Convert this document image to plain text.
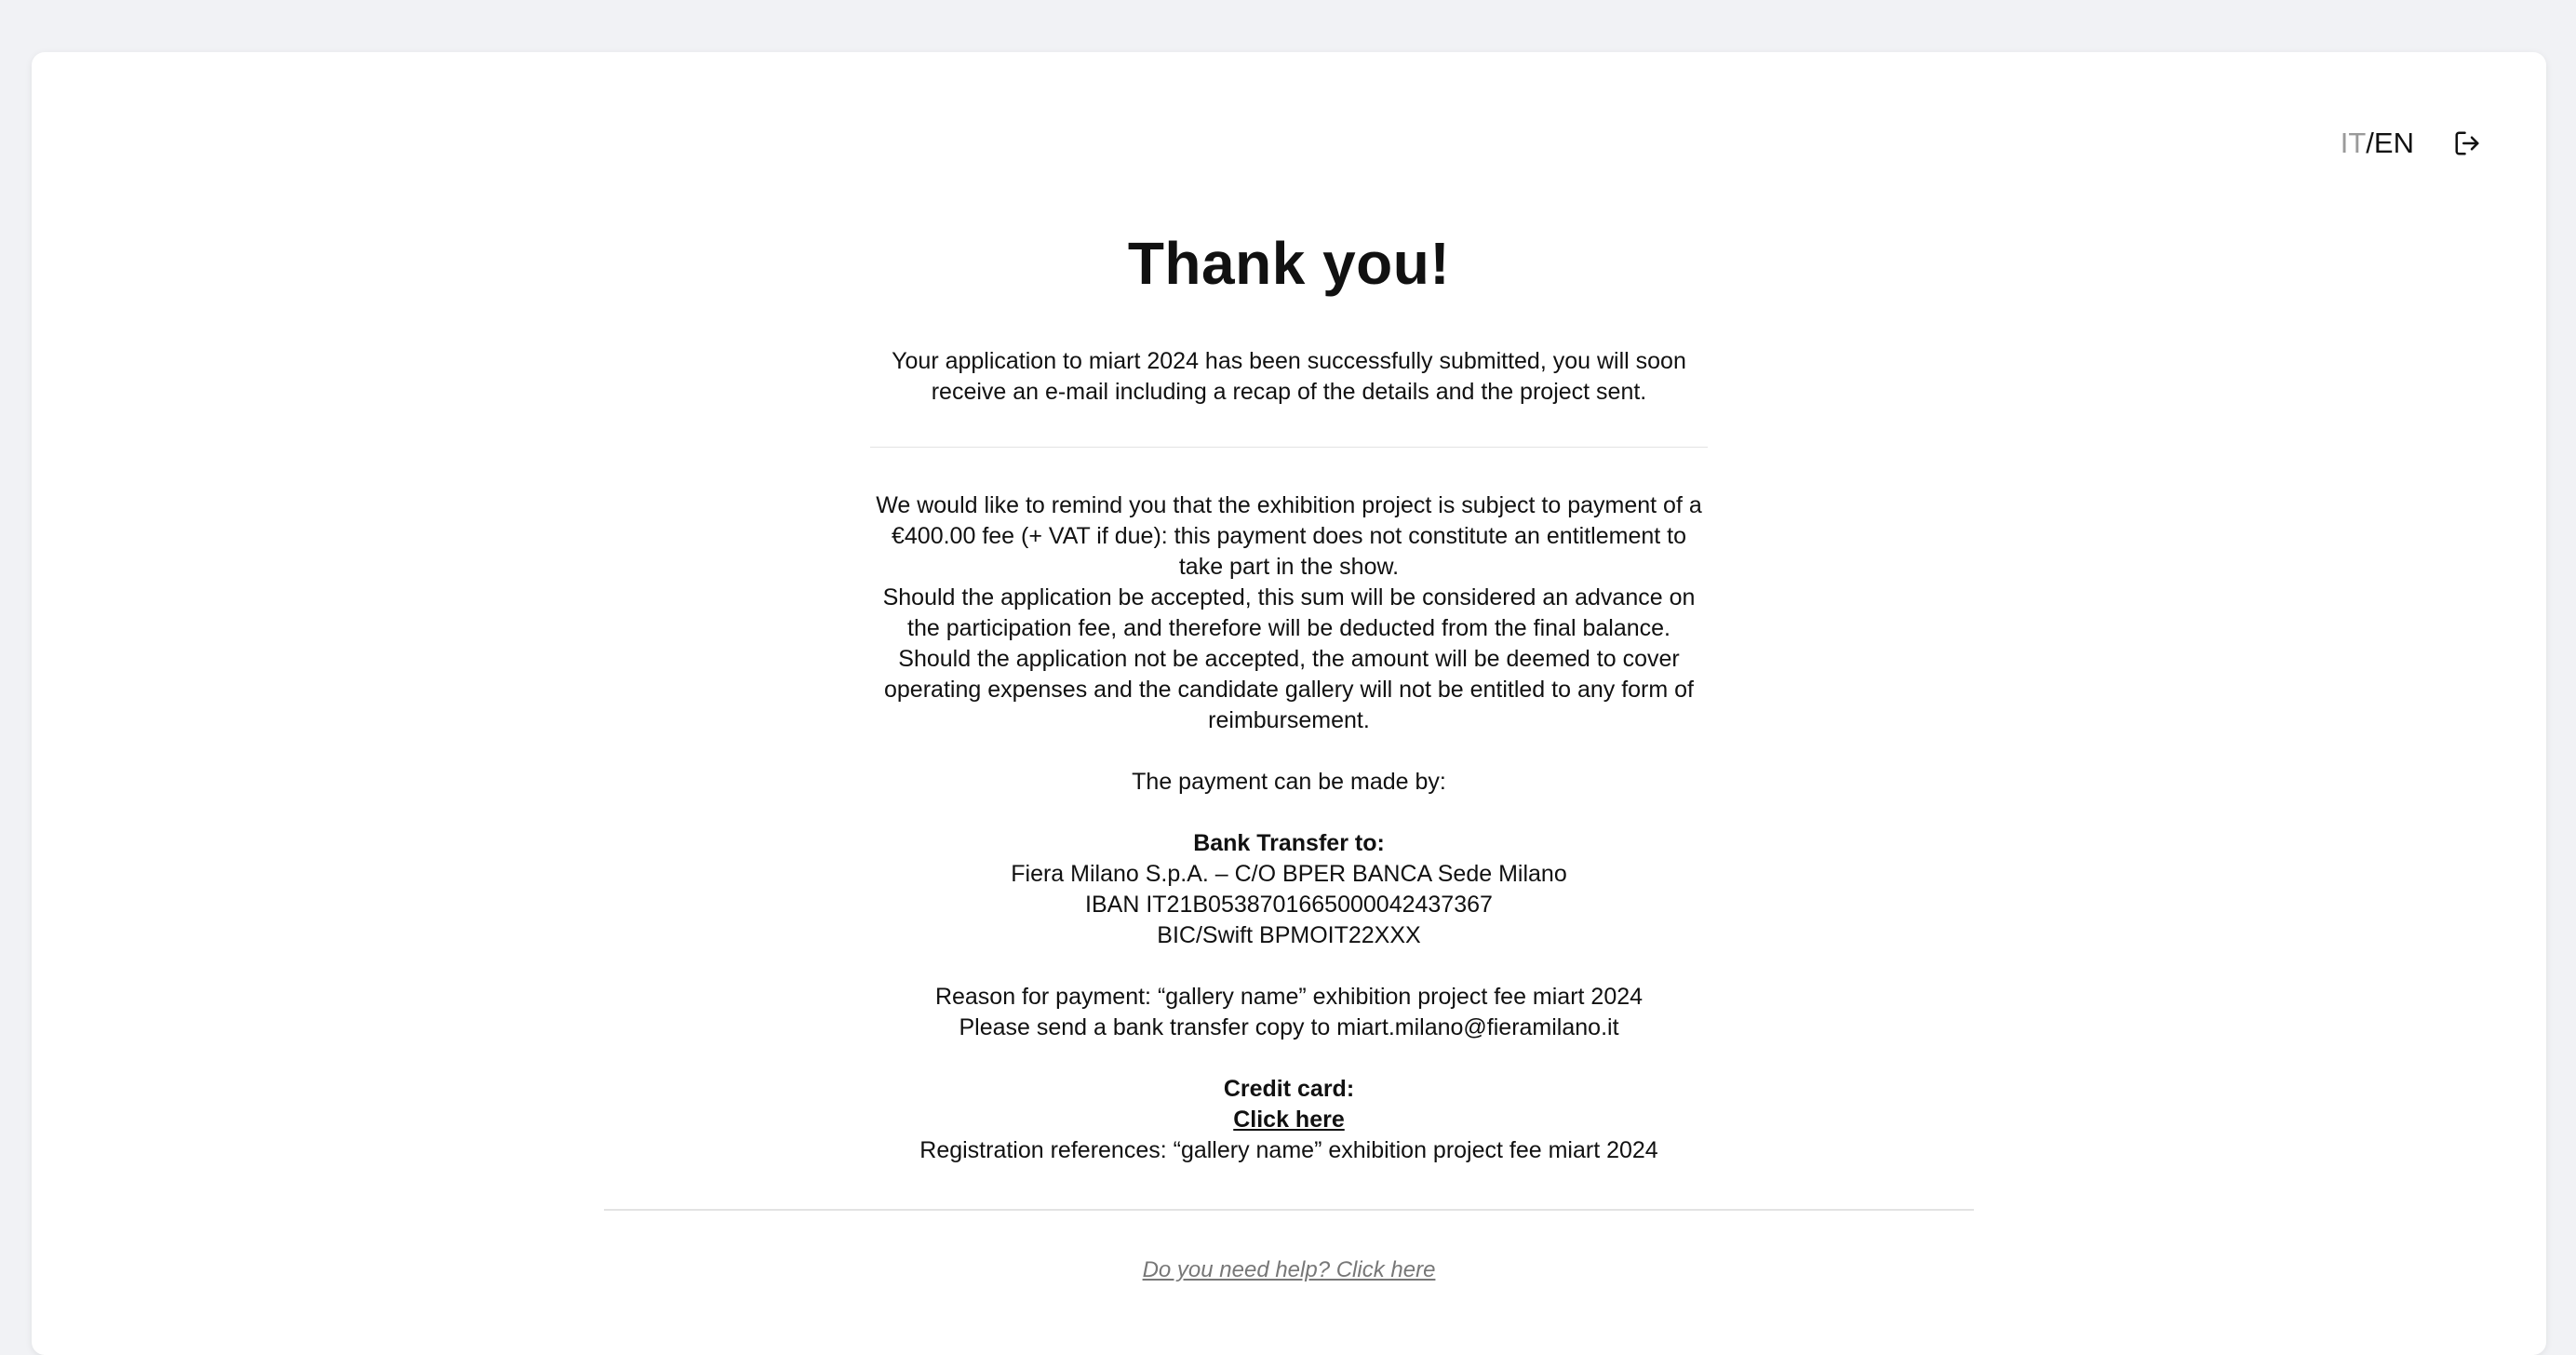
IT / EN
Thank you!
Your application to miart 2024 has been successfully submitted, you will soon receive an e-mail including a recap of the details and the project sent.

We would like to remind you that the exhibition project is subject to payment of a €400.00 fee (+ VAT if due): this payment does not constitute an entitlement to take part in the show.

Should the application be accepted, this sum will be considered an advance on the participation fee, and therefore will be deducted from the final balance.

Should the application not be accepted, the amount will be deemed to cover operating expenses and the candidate gallery will not be entitled to any form of reimbursement.

The payment can be made by:

Bank Transfer to:

Fiera Milano S.p.A. – C/O BPER BANCA Sede Milano

IBAN IT21B0538701665000042437367

BIC/Swift BPMOIT22XXX

Reason for payment: “gallery name” exhibition project fee miart 2024

Please send a bank transfer copy to miart.milano@fieramilano.it

Credit card:

Click here

Registration references: “gallery name” exhibition project fee miart 2024

Do you need help? Click here
